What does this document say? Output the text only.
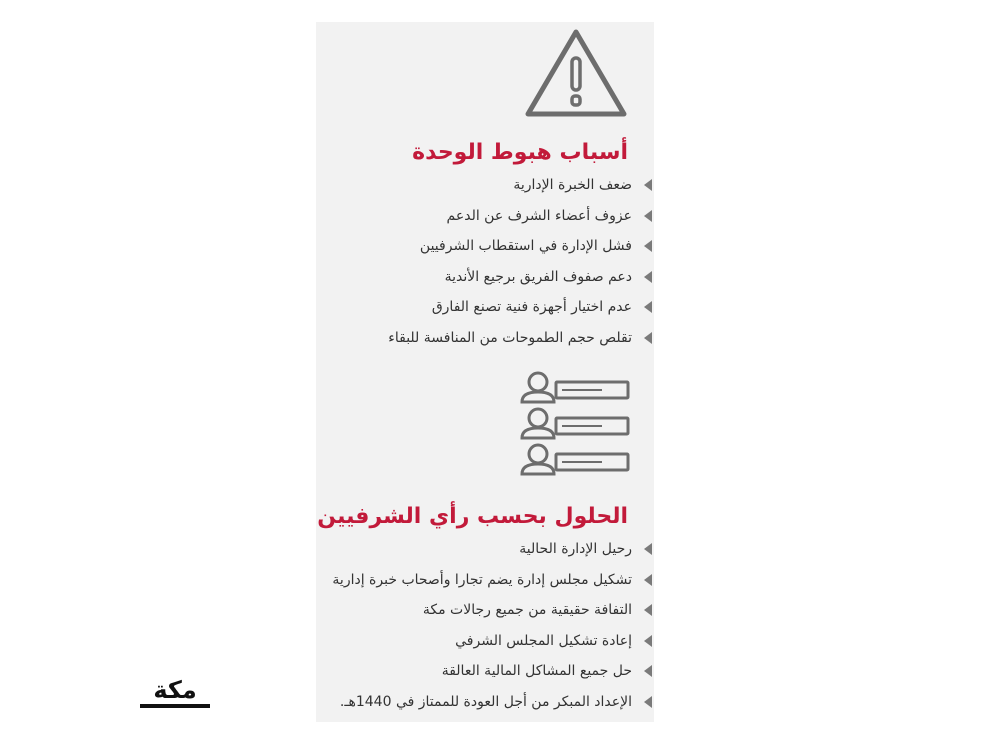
أسباب هبوط الوحدة
ضعف الخبرة الإدارية
عزوف أعضاء الشرف عن الدعم
فشل الإدارة في استقطاب الشرفيين
دعم صفوف الفريق برجيع الأندية
عدم اختيار أجهزة فنية تصنع الفارق
تقلص حجم الطموحات من المنافسة للبقاء
الحلول بحسب رأي الشرفيين
رحيل الإدارة الحالية
تشكيل مجلس إدارة يضم تجارا وأصحاب خبرة إدارية
التفافة حقيقية من جميع رجالات مكة
إعادة تشكيل المجلس الشرفي
حل جميع المشاكل المالية العالقة
الإعداد المبكر من أجل العودة للممتاز في 1440هـ.
مكة
